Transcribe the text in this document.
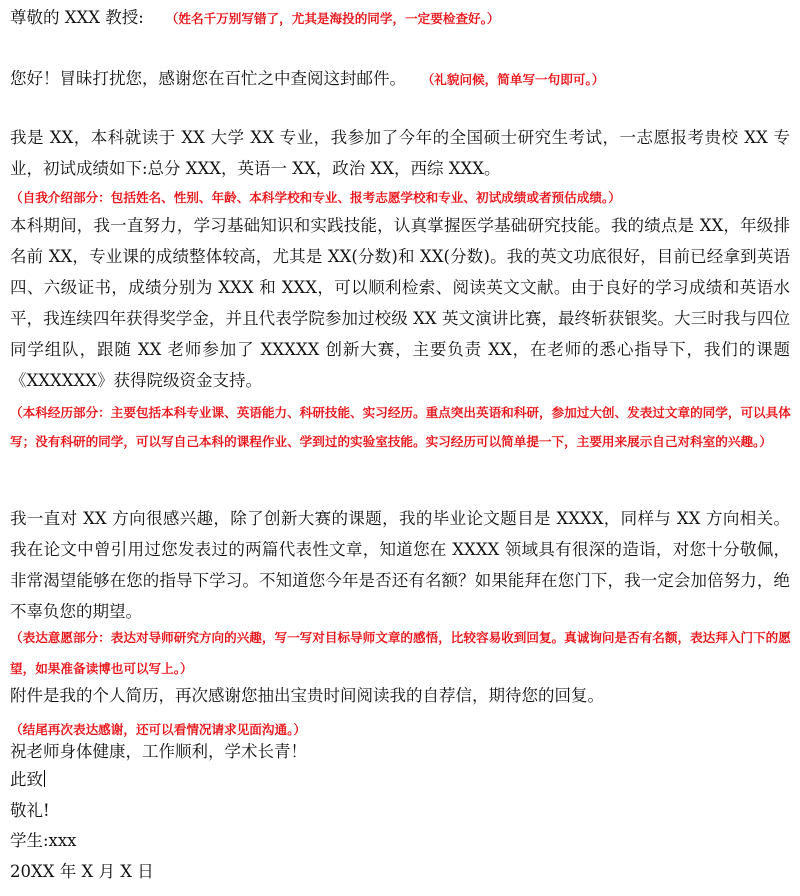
尊敬的 XXX 教授: （姓名千万别写错了，尤其是海投的同学，一定要检查好。）
您好！冒昧打扰您，感谢您在百忙之中查阅这封邮件。 （礼貌问候，简单写一句即可。）
我是 XX，本科就读于 XX 大学 XX 专业，我参加了今年的全国硕士研究生考试，一志愿报考贵校 XX 专业，初试成绩如下:总分 XXX，英语一 XX，政治 XX，西综 XXX。
（自我介绍部分：包括姓名、性别、年龄、本科学校和专业、报考志愿学校和专业、初试成绩或者预估成绩。）
本科期间，我一直努力，学习基础知识和实践技能，认真掌握医学基础研究技能。我的绩点是 XX，年级排名前 XX，专业课的成绩整体较高，尤其是 XX(分数)和 XX(分数)。我的英文功底很好，目前已经拿到英语四、六级证书，成绩分别为 XXX 和 XXX，可以顺利检索、阅读英文文献。由于良好的学习成绩和英语水平，我连续四年获得奖学金，并且代表学院参加过校级 XX 英文演讲比赛，最终斩获银奖。大三时我与四位同学组队，跟随 XX 老师参加了 XXXXX 创新大赛，主要负责 XX，在老师的悉心指导下，我们的课题《XXXXXX》获得院级资金支持。
（本科经历部分：主要包括本科专业课、英语能力、科研技能、实习经历。重点突出英语和科研，参加过大创、发表过文章的同学，可以具体写；没有科研的同学，可以写自己本科的课程作业、学到过的实验室技能。实习经历可以简单提一下，主要用来展示自己对科室的兴趣。）
我一直对 XX 方向很感兴趣，除了创新大赛的课题，我的毕业论文题目是 XXXX，同样与 XX 方向相关。我在论文中曾引用过您发表过的两篇代表性文章，知道您在 XXXX 领域具有很深的造诣，对您十分敬佩，非常渴望能够在您的指导下学习。不知道您今年是否还有名额？如果能拜在您门下，我一定会加倍努力，绝不辜负您的期望。
（表达意愿部分：表达对导师研究方向的兴趣，写一写对目标导师文章的感悟，比较容易收到回复。真诚询问是否有名额，表达拜入门下的愿望，如果准备读博也可以写上。）
附件是我的个人简历，再次感谢您抽出宝贵时间阅读我的自荐信，期待您的回复。
（结尾再次表达感谢，还可以看情况请求见面沟通。）
祝老师身体健康，工作顺利，学术长青！
此致
敬礼!
学生:xxx
20XX 年 X 月 X 日
